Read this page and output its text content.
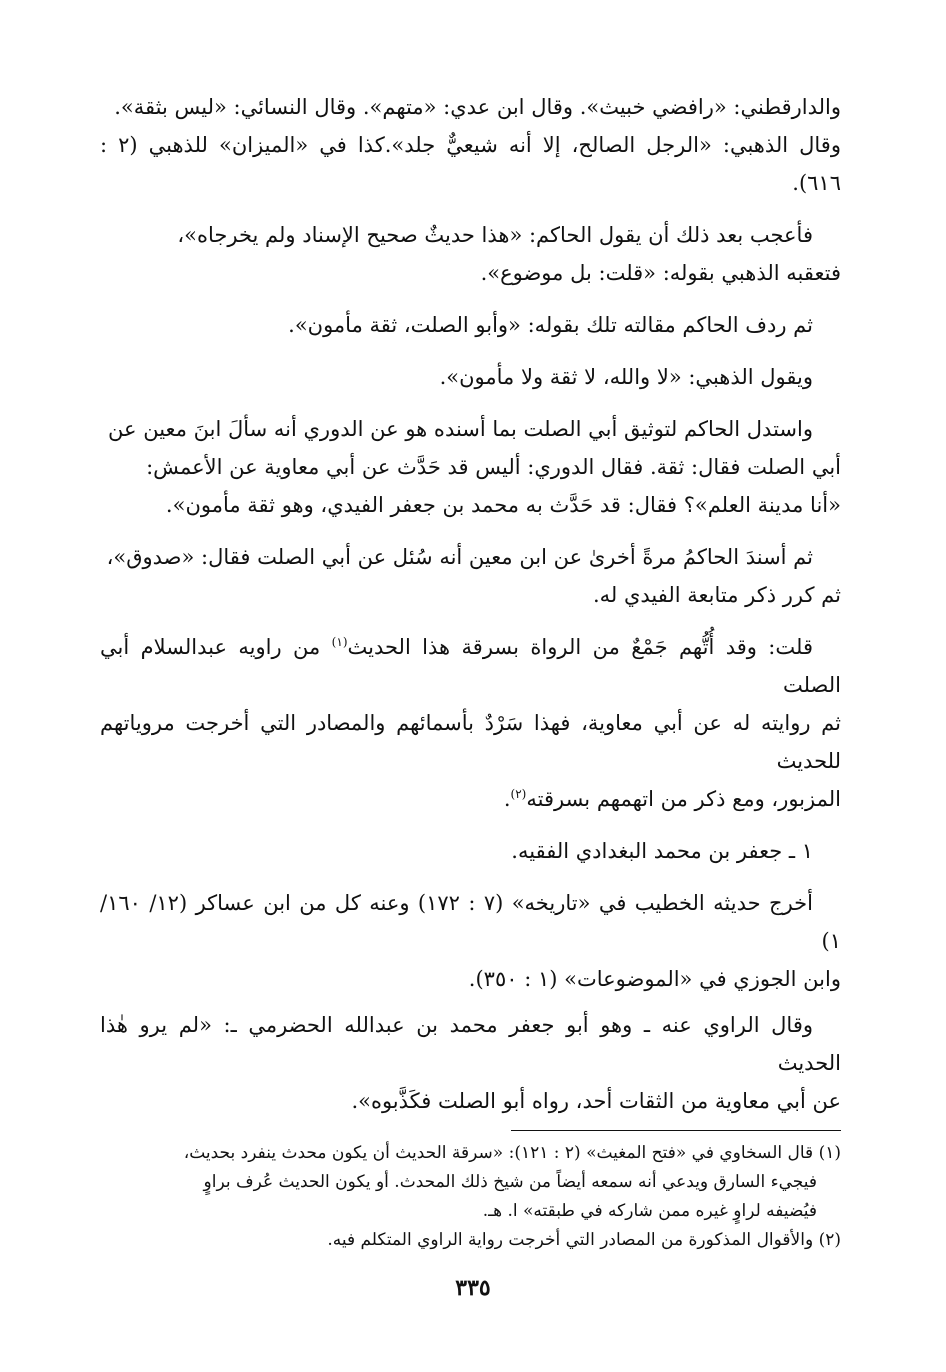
والدارقطني: «رافضي خبيث». وقال ابن عدي: «متهم». وقال النسائي: «ليس بثقة».
وقال الذهبي: «الرجل الصالح، إلا أنه شيعيٌّ جلد».كذا في «الميزان» للذهبي (٢ : ٦١٦).

فأعجب بعد ذلك أن يقول الحاكم: «هذا حديثٌ صحيح الإسناد ولم يخرجاه»،
فتعقبه الذهبي بقوله: «قلت: بل موضوع».

ثم ردف الحاكم مقالته تلك بقوله: «وأبو الصلت، ثقة مأمون».

ويقول الذهبي: «لا والله، لا ثقة ولا مأمون».

واستدل الحاكم لتوثيق أبي الصلت بما أسنده هو عن الدوري أنه سألَ ابنَ معين عن
أبي الصلت فقال: ثقة. فقال الدوري: أليس قد حَدَّث عن أبي معاوية عن الأعمش:
«أنا مدينة العلم»؟ فقال: قد حَدَّث به محمد بن جعفر الفيدي، وهو ثقة مأمون».

ثم أسندَ الحاكمُ مرةً أخرىٰ عن ابن معين أنه سُئل عن أبي الصلت فقال: «صدوق»،
ثم كرر ذكر متابعة الفيدي له.

قلت: وقد أُتُّهم جَمْعٌ من الرواة بسرقة هذا الحديث$^{(١)}$ من راويه عبدالسلام أبي الصلت
ثم روايته له عن أبي معاوية، فهذا سَرْدٌ بأسمائهم والمصادر التي أخرجت مروياتهم للحديث
المزبور، ومع ذكر من اتهمهم بسرقته$^{(٢)}$.

١ ـ جعفر بن محمد البغدادي الفقيه.

أخرج حديثه الخطيب في «تاريخه» (٧ : ١٧٢) وعنه كل من ابن عساكر (١٢/ ١٦٠/ ١)
وابن الجوزي في «الموضوعات» (١ : ٣٥٠).

وقال الراوي عنه ـ وهو أبو جعفر محمد بن عبدالله الحضرمي ـ: «لم يرو هٰذا الحديث
عن أبي معاوية من الثقات أحد، رواه أبو الصلت فكَذَّبوه».

(١) قال السخاوي في «فتح المغيث» (٢ : ١٢١): «سرقة الحديث أن يكون محدث ينفرد بحديث،
فيجيء السارق ويدعي أنه سمعه أيضاً من شيخ ذلك المحدث. أو يكون الحديث عُرف براوٍ
فيُضيفه لراوٍ غيره ممن شاركه في طبقته» ا. هـ.

(٢) والأقوال المذكورة من المصادر التي أخرجت رواية الراوي المتكلم فيه.

٣٣٥
